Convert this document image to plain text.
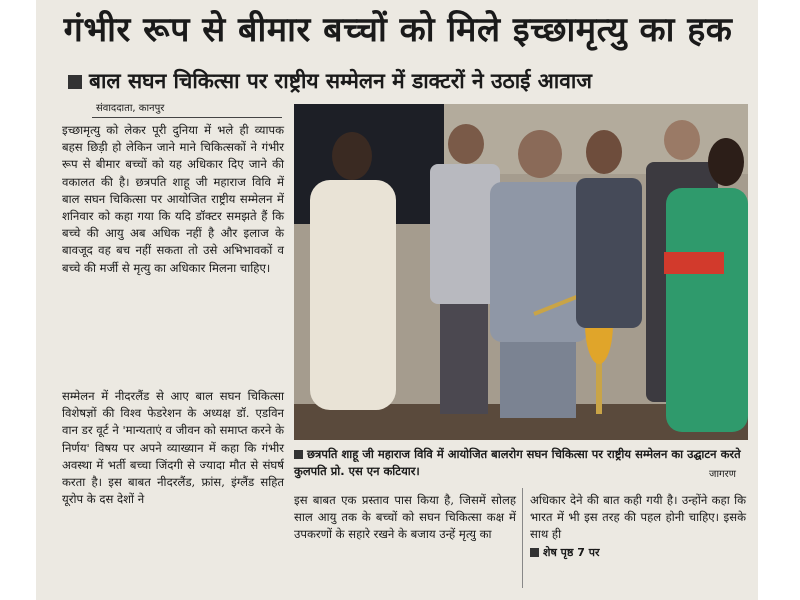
गंभीर रूप से बीमार बच्चों को मिले इच्छामृत्यु का हक
बाल सघन चिकित्सा पर राष्ट्रीय सम्मेलन में डाक्टरों ने उठाई आवाज
संवाददाता, कानपुर

इच्छामृत्यु को लेकर पूरी दुनिया में भले ही व्यापक बहस छिड़ी हो लेकिन जाने माने चिकित्सकों ने गंभीर रूप से बीमार बच्चों को यह अधिकार दिए जाने की वकालत की है। छत्रपति शाहू जी महाराज विवि में बाल सघन चिकित्सा पर आयोजित राष्ट्रीय सम्मेलन में शनिवार को कहा गया कि यदि डॉक्टर समझते हैं कि बच्चे की आयु अब अधिक नहीं है और इलाज के बावजूद वह बच नहीं सकता तो उसे अभिभावकों व बच्चे की मर्जी से मृत्यु का अधिकार मिलना चाहिए।

सम्मेलन में नीदरलैंड से आए बाल सघन चिकित्सा विशेषज्ञों की विश्व फेडरेशन के अध्यक्ष डॉ. एडविन वान डर वूर्ट ने 'मान्यताएं व जीवन को समाप्त करने के निर्णय' विषय पर अपने व्याख्यान में कहा कि गंभीर अवस्था में भर्ती बच्चा जिंदगी से ज्यादा मौत से संघर्ष करता है। इस बाबत नीदरलैंड, फ्रांस, इंग्लैंड सहित यूरोप के दस देशों ने

छत्रपति शाहू जी महाराज विवि में आयोजित बालरोग सघन चिकित्सा पर राष्ट्रीय सम्मेलन का उद्घाटन करते कुलपति प्रो. एस एन कटियार।	जागरण
इस बाबत एक प्रस्ताव पास किया है, जिसमें सोलह साल आयु तक के बच्चों को सघन चिकित्सा कक्ष में उपकरणों के सहारे रखने के बजाय उन्हें मृत्यु का
अधिकार देने की बात कही गयी है। उन्होंने कहा कि भारत में भी इस तरह की पहल होनी चाहिए। इसके साथ ही
शेष पृष्ठ 7 पर
